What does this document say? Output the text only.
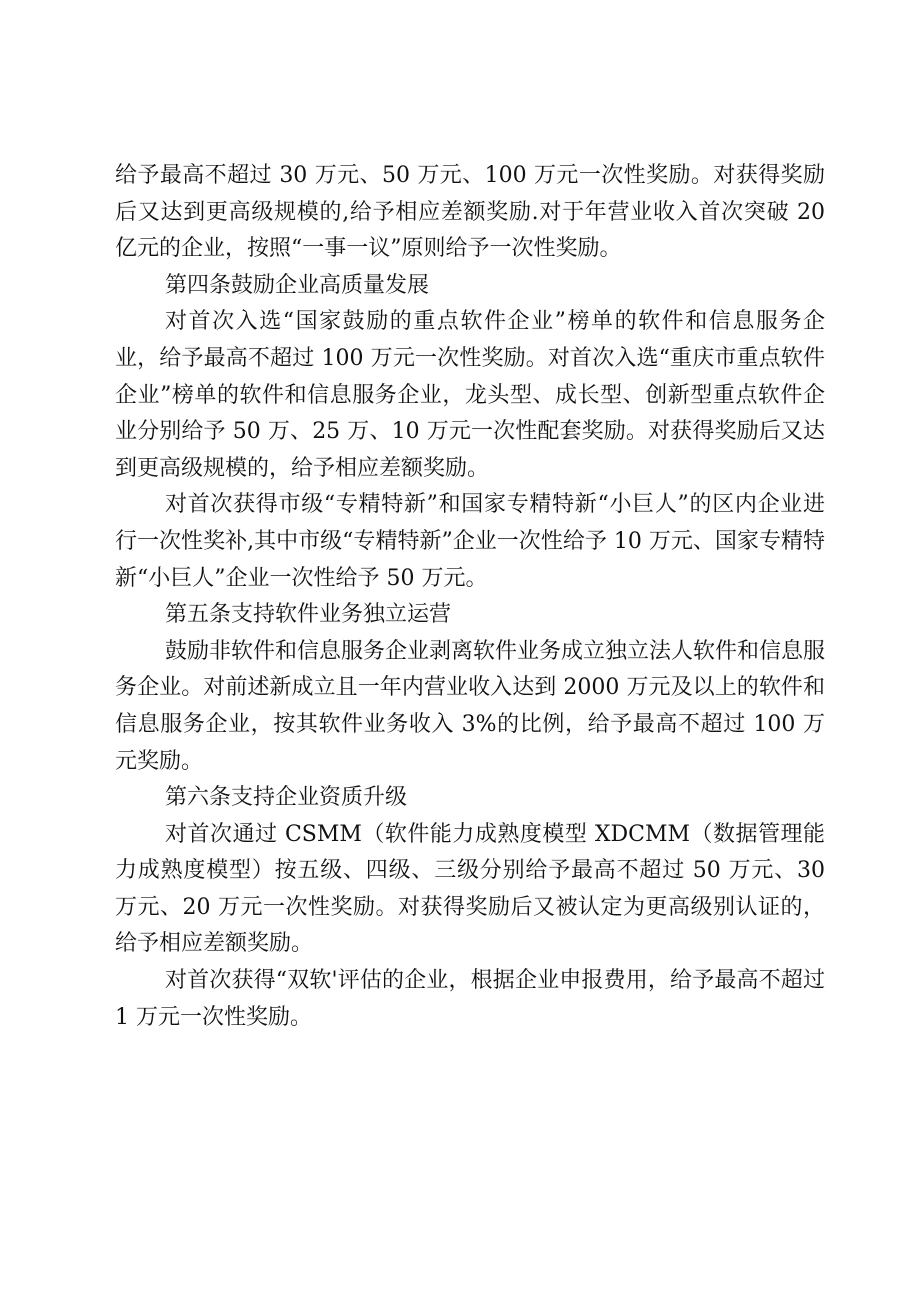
给予最高不超过 30 万元、50 万元、100 万元一次性奖励。对获得奖励后又达到更高级规模的,给予相应差额奖励.对于年营业收入首次突破 20 亿元的企业，按照“一事一议”原则给予一次性奖励。

第四条鼓励企业高质量发展

对首次入选“国家鼓励的重点软件企业”榜单的软件和信息服务企业，给予最高不超过 100 万元一次性奖励。对首次入选“重庆市重点软件企业”榜单的软件和信息服务企业，龙头型、成长型、创新型重点软件企业分别给予 50 万、25 万、10 万元一次性配套奖励。对获得奖励后又达到更高级规模的，给予相应差额奖励。

对首次获得市级“专精特新”和国家专精特新“小巨人”的区内企业进行一次性奖补,其中市级“专精特新”企业一次性给予 10 万元、国家专精特新“小巨人”企业一次性给予 50 万元。

第五条支持软件业务独立运营

鼓励非软件和信息服务企业剥离软件业务成立独立法人软件和信息服务企业。对前述新成立且一年内营业收入达到 2000 万元及以上的软件和信息服务企业，按其软件业务收入 3%的比例，给予最高不超过 100 万元奖励。

第六条支持企业资质升级

对首次通过 CSMM（软件能力成熟度模型 XDCMM（数据管理能力成熟度模型）按五级、四级、三级分别给予最高不超过 50 万元、30 万元、20 万元一次性奖励。对获得奖励后又被认定为更高级别认证的，给予相应差额奖励。

对首次获得“双软'评估的企业，根据企业申报费用，给予最高不超过 1 万元一次性奖励。
